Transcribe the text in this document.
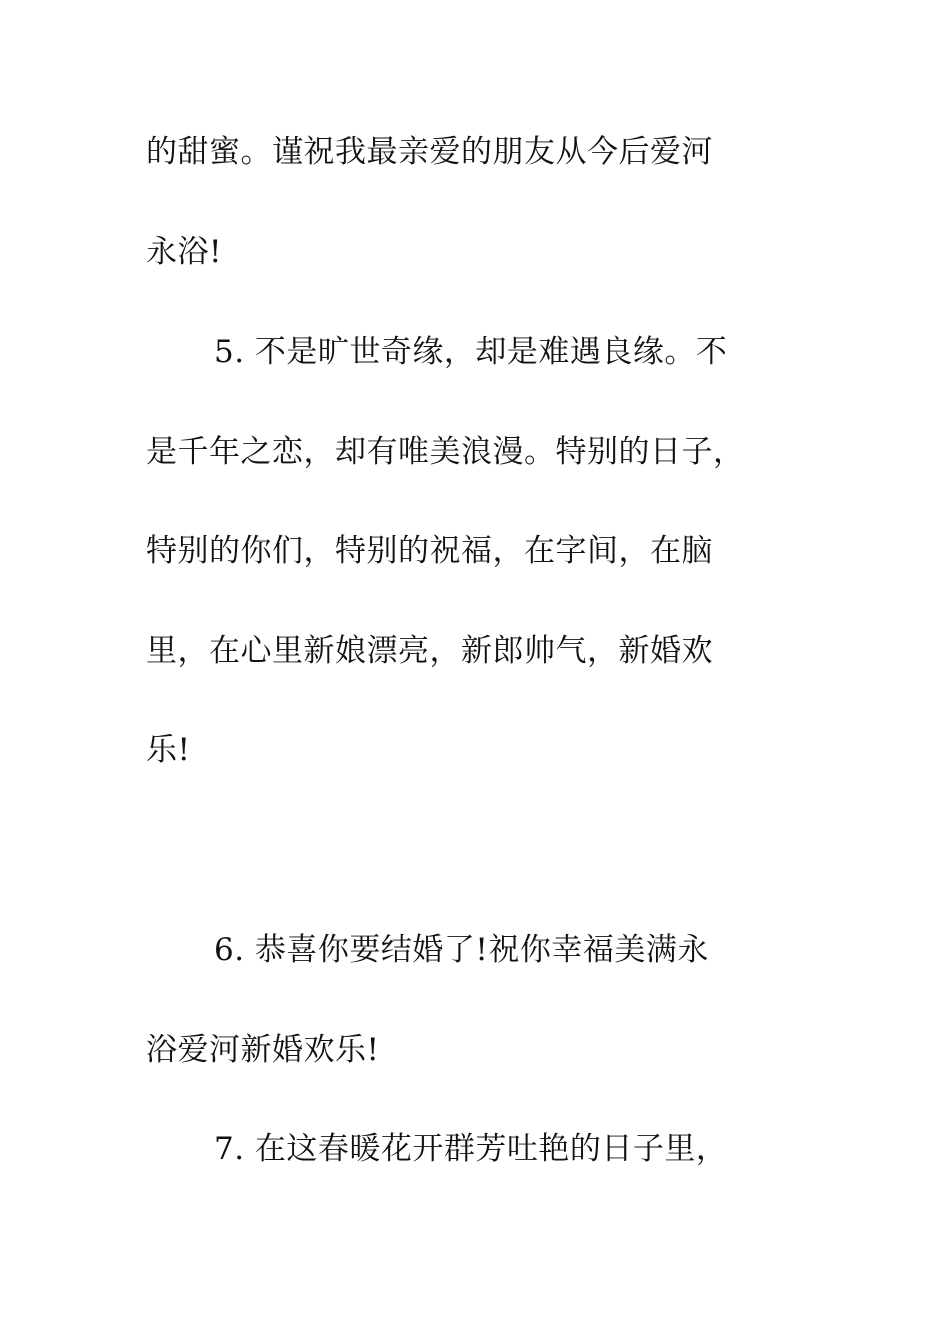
的甜蜜。谨祝我最亲爱的朋友从今后爱河
永浴!
5. 不是旷世奇缘，却是难遇良缘。不
是千年之恋，却有唯美浪漫。特别的日子，
特别的你们，特别的祝福，在字间，在脑
里，在心里新娘漂亮，新郎帅气，新婚欢
乐!
6. 恭喜你要结婚了!祝你幸福美满永
浴爱河新婚欢乐!
7. 在这春暖花开群芳吐艳的日子里，
